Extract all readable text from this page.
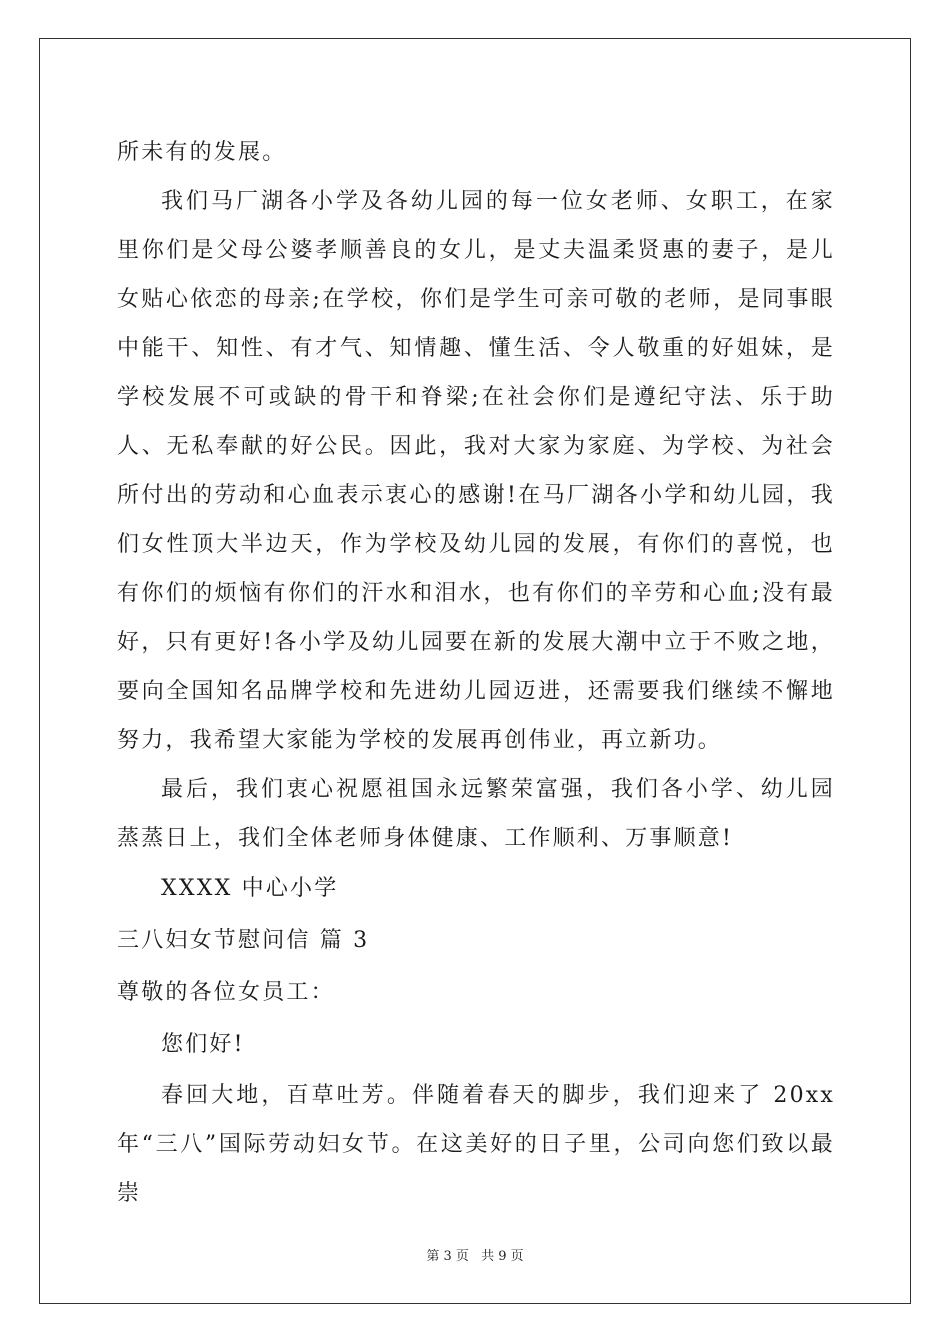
所未有的发展。

我们马厂湖各小学及各幼儿园的每一位女老师、女职工，在家里你们是父母公婆孝顺善良的女儿，是丈夫温柔贤惠的妻子，是儿女贴心依恋的母亲;在学校，你们是学生可亲可敬的老师，是同事眼中能干、知性、有才气、知情趣、懂生活、令人敬重的好姐妹，是学校发展不可或缺的骨干和脊梁;在社会你们是遵纪守法、乐于助人、无私奉献的好公民。因此，我对大家为家庭、为学校、为社会所付出的劳动和心血表示衷心的感谢!在马厂湖各小学和幼儿园，我们女性顶大半边天，作为学校及幼儿园的发展，有你们的喜悦，也有你们的烦恼有你们的汗水和泪水，也有你们的辛劳和心血;没有最好，只有更好!各小学及幼儿园要在新的发展大潮中立于不败之地，要向全国知名品牌学校和先进幼儿园迈进，还需要我们继续不懈地努力，我希望大家能为学校的发展再创伟业，再立新功。

最后，我们衷心祝愿祖国永远繁荣富强，我们各小学、幼儿园蒸蒸日上，我们全体老师身体健康、工作顺利、万事顺意!

XXXX 中心小学

三八妇女节慰问信 篇 3

尊敬的各位女员工：

您们好!

春回大地，百草吐芳。伴随着春天的脚步，我们迎来了 20xx 年“三八”国际劳动妇女节。在这美好的日子里，公司向您们致以最崇

第 3 页 共 9 页
